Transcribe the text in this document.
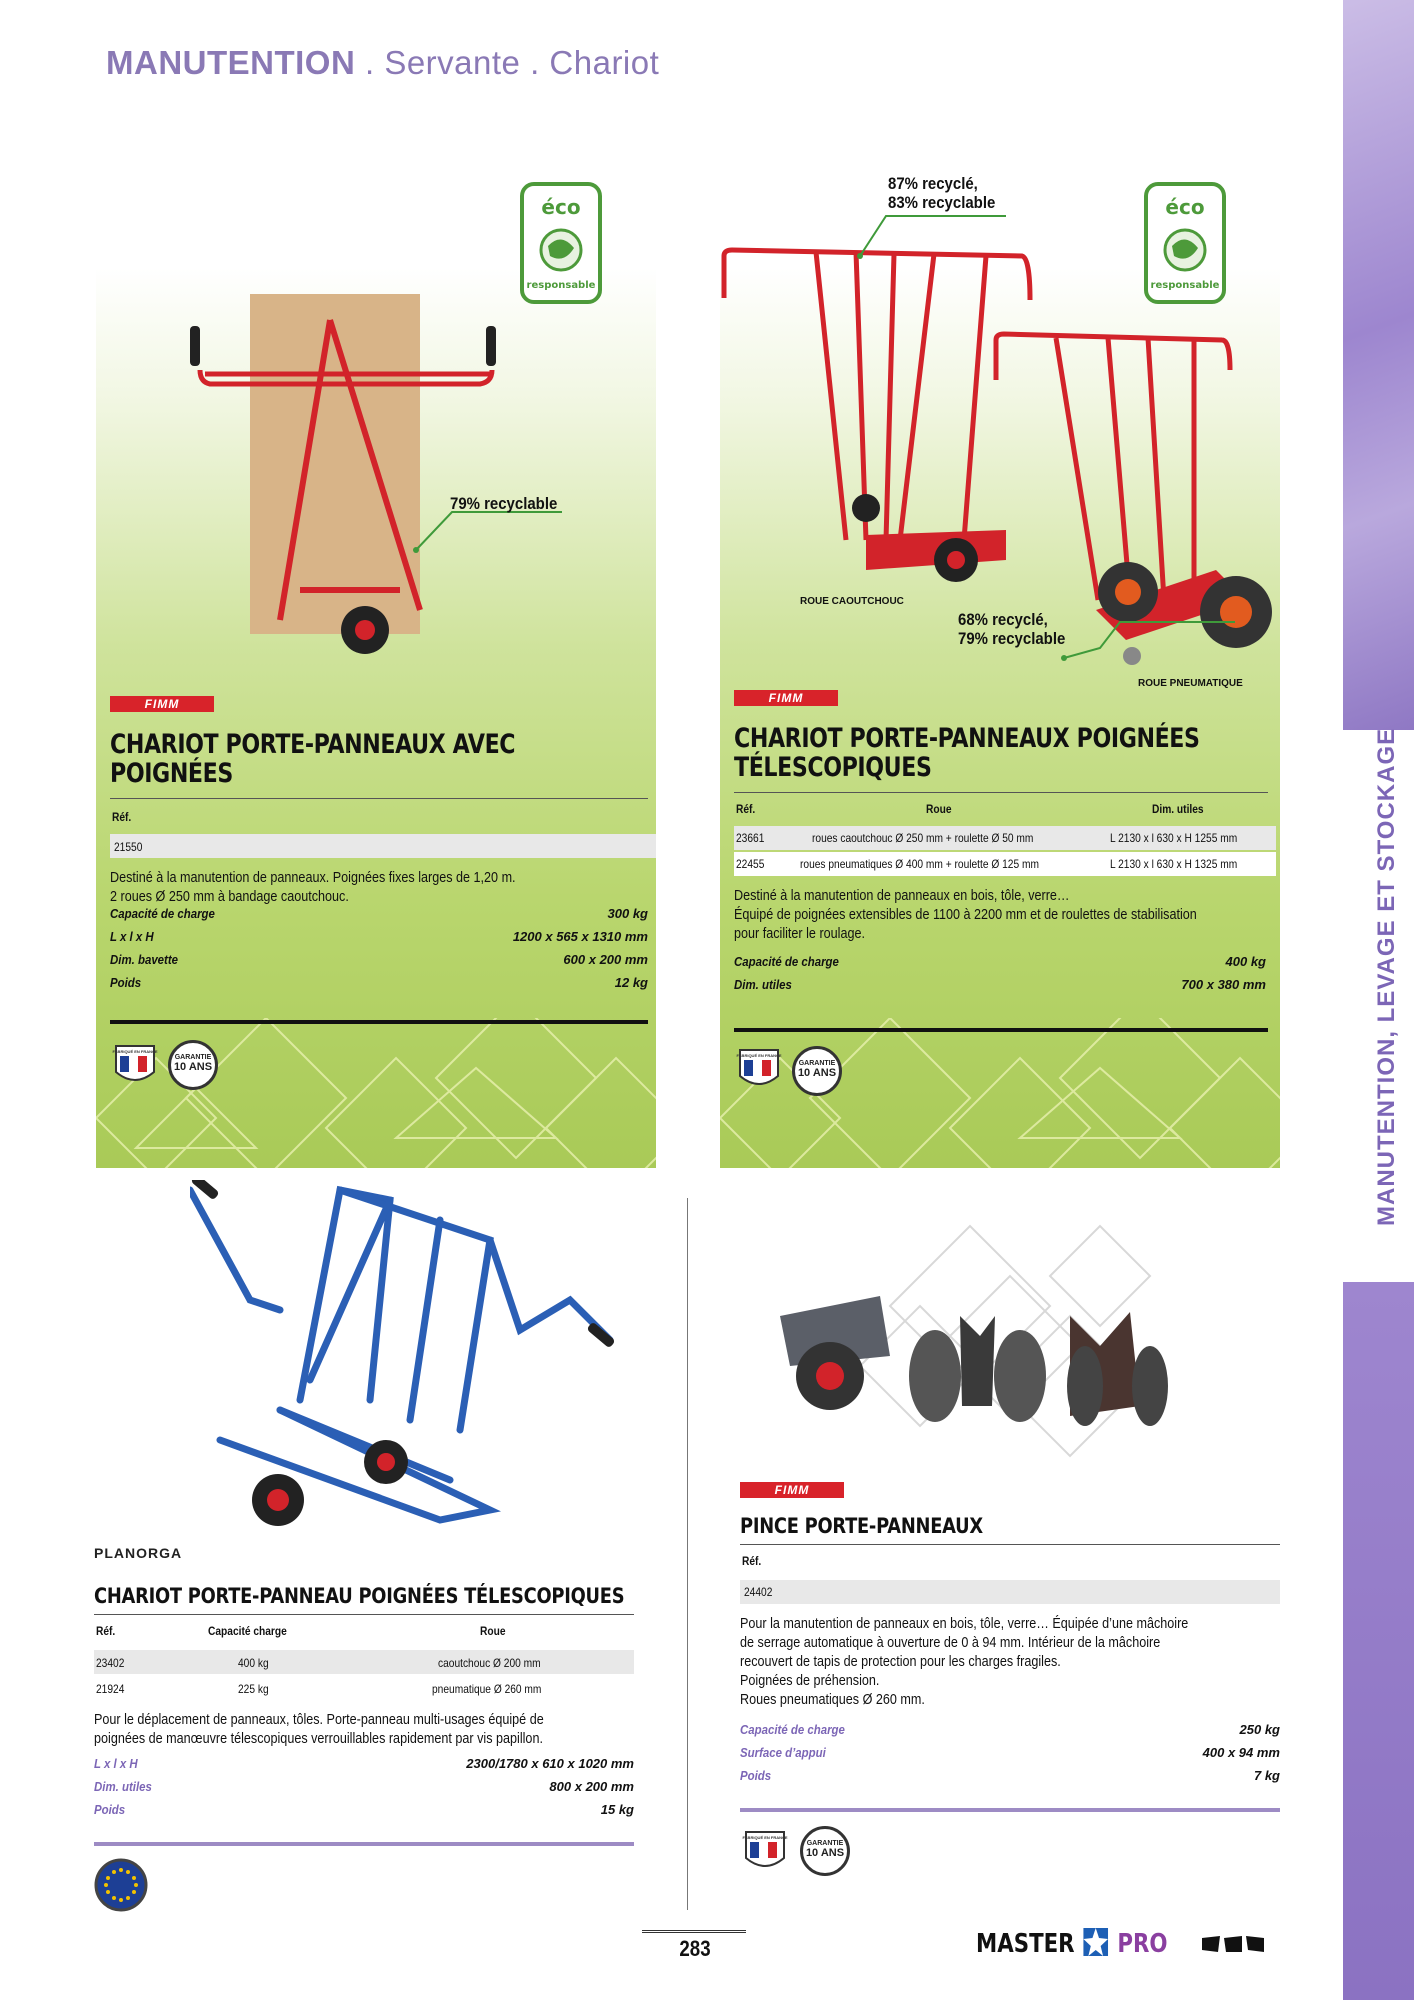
MANUTENTION . Servante . Chariot
MANUTENTION, LEVAGE ET STOCKAGE
éco
responsable
79% recyclable
FIMM
CHARIOT PORTE-PANNEAUX AVEC POIGNÉES
Réf.
21550
Destiné à la manutention de panneaux. Poignées fixes larges de 1,20 m.
2 roues Ø 250 mm à bandage caoutchouc.
Capacité de charge	300 kg
L x l x H	1200 x 565 x 1310 mm
Dim. bavette	600 x 200 mm
Poids	12 kg
FABRIQUÉ EN FRANCE
GARANTIE
10 ANS
éco
responsable
87% recyclé,
83% recyclable
68% recyclé,
79% recyclable
ROUE CAOUTCHOUC
ROUE PNEUMATIQUE
FIMM
CHARIOT PORTE-PANNEAUX POIGNÉES TÉLESCOPIQUES
Réf.	Roue	Dim. utiles
23661	roues caoutchouc Ø 250 mm + roulette Ø 50 mm	L 2130 x l 630 x H 1255 mm
22455	roues pneumatiques Ø 400 mm + roulette Ø 125 mm	L 2130 x l 630 x H 1325 mm
Destiné à la manutention de panneaux en bois, tôle, verre…
Équipé de poignées extensibles de 1100 à 2200 mm et de roulettes de stabilisation
pour faciliter le roulage.
Capacité de charge	400 kg
Dim. utiles	700 x 380 mm
FABRIQUÉ EN FRANCE
GARANTIE
10 ANS
PLANORGA
CHARIOT PORTE-PANNEAU POIGNÉES TÉLESCOPIQUES
Réf.	Capacité charge	Roue
23402	400 kg	caoutchouc Ø 200 mm
21924	225 kg	pneumatique Ø 260 mm
Pour le déplacement de panneaux, tôles. Porte-panneau multi-usages équipé de
poignées de manœuvre télescopiques verrouillables rapidement par vis papillon.
L x l x H	2300/1780 x 610 x 1020 mm
Dim. utiles	800 x 200 mm
Poids	15 kg
FIMM
PINCE PORTE-PANNEAUX
Réf.
24402
Pour la manutention de panneaux en bois, tôle, verre… Équipée d’une mâchoire
de serrage automatique à ouverture de 0 à 94 mm. Intérieur de la mâchoire
recouvert de tapis de protection pour les charges fragiles.
Poignées de préhension.
Roues pneumatiques Ø 260 mm.
Capacité de charge	250 kg
Surface d’appui	400 x 94 mm
Poids	7 kg
FABRIQUÉ EN FRANCE
GARANTIE
10 ANS
283	MASTER PRO
